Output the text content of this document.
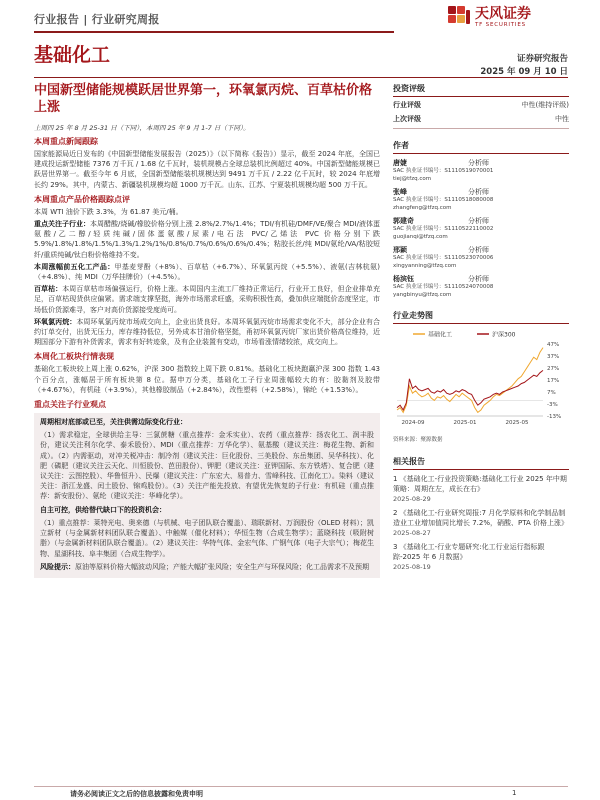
行业报告 | 行业研究周报	天风证券
TF SECURITIES
基础化工	证券研究报告
2025 年 09 月 10 日
中国新型储能规模跃居世界第一，环氧氯丙烷、百草枯价格上涨
上周四 25 年 8 月 25-31 日（下同），本周四 25 年 9 月 1-7 日（下同）。
本周重点新闻跟踪
国家能源局近日发布的《中国新型储能发展报告（2025）》（以下简称《报告》）显示，截至 2024 年底，全国已建成投运新型储能 7376 万千瓦 / 1.68 亿千瓦时，装机规模占全球总装机比例超过 40%。中国新型储能规模已跃居世界第一。截至今年 6 月底，全国新型储能装机规模达到 9491 万千瓦 / 2.22 亿千瓦时，较 2024 年底增长约 29%。其中，内蒙古、新疆装机规模均超 1000 万千瓦。山东、江苏、宁夏装机规模均超 500 万千瓦。
本周重点产品价格跟踪点评
本周 WTI 油价下跌 3.3%，为 61.87 美元/桶。
重点关注子行业：本周醋酸/烧碱/橡胶价格分别上涨 2.8%/2.7%/1.4%；TDI/有机硅/DMF/VE/聚合 MDI/液体蛋氨酸/乙二醇/轻质纯碱/固体蛋氨酸/尿素/电石法 PVC/乙烯法 PVC 价格分别下跌 5.9%/1.8%/1.8%/1.5%/1.3%/1.2%/1%/0.8%/0.7%/0.6%/0.6%/0.4%；粘胶长丝/纯 MDI/氨纶/VA/粘胶短纤/重质纯碱/钛白粉价格维持不变。
本周涨幅前五化工产品：甲基麦芽酚（+8%）、百草枯（+6.7%）、环氧氯丙烷（+5.5%）、液氨(吉林杭氨)（+4.8%）、纯 MDI（万华挂牌价）（+4.5%）。
百草枯：本周百草枯市场偏强运行，价格上涨。本周国内主流工厂维持正常运行，行业开工良好，但企业排单充足，百草枯现货供应偏紧。需求端支撑坚挺，海外市场需求旺盛，采购积极性高，叠加供应端挺价态度坚定，市场低价货源难寻，客户对高价货源接受度尚可。
环氧氯丙烷：本周环氧氯丙烷市场成交向上，企业出货良好。本周环氧氯丙烷市场需求变化不大，部分企业有合约订单交付，出货无压力，库存维持低位，另外成本甘油价格坚挺，甬初环氧氯丙烷厂家出货价格高位维持，近期国部分下游有补货需求，需求有好转迹象，及有企业装置有变动，市场看涨情绪较浓，成交向上。
本周化工板块行情表现
基础化工板块较上周上涨 0.62%，沪深 300 指数较上周下跌 0.81%。基础化工板块跑赢沪深 300 指数 1.43 个百分点，涨幅居于所有板块第 8 位。据申万分类，基础化工子行业周涨幅较大的有：胶黏剂及胶带（+4.67%），有机硅（+3.9%），其他橡胶制品（+2.84%），改性塑料（+2.58%），锦纶（+1.53%）。
重点关注子行业观点
周期相对底部或已至，关注供需边际变化行业：
（1）需求稳定，全球供给主导：三氯蔗糖（重点推荐：金禾实业）、农药（重点推荐：扬农化工、润丰股份，建议关注利尔化学、泰禾股份）、MDI（重点推荐：万华化学）、氨基酸（建议关注：梅花生物、新和成）。（2）内需驱动，对冲关税冲击：制冷剂（建议关注：巨化股份、三美股份、东岳集团、吴华科技）、化肥（磷肥（建议关注云天化、川恒股份、芭田股份）、钾肥（建议关注：亚钾国际、东方铁塔）、复合肥（建议关注：云图控股）、华鲁恒升）、民爆（建议关注：广东宏大、易普力、雪峰科技、江南化工）。染料（建议关注：浙江龙盛、闰土股份、锦鸡股份）。（3）关注产能先投放、有望优先恢复的子行业：有机硅（重点推荐：新安股份）、氨纶（建议关注：华峰化学）。
自主可控，供给替代缺口下的投资机会：
（1）重点推荐：莱特光电、奥来德（与机械、电子团队联合覆盖）、瑞联新材、万润股份（OLED 材料）；凯立新材（与金属新材料团队联合覆盖）、中触媒（催化材料）；华恒生物（合成生物学）；蓝晓科技（吸附树脂）（与金属新材料团队联合覆盖）。（2）建议关注：华特气体、金宏气体、广钢气体（电子大宗气）；梅花生物、星湖科技、阜丰集团（合成生物学）。
风险提示：原油等原料价格大幅波动风险；产能大幅扩张风险；安全生产与环保风险；化工品需求不及预期
投资评级
行业评级	中性(维持评级)
上次评级	中性
作者
唐婕	分析师
SAC 执业证书编号：S1110519070001
tiej@tfzq.com
张峰	分析师
SAC 执业证书编号：S1110518080008
zhangfeng@tfzq.com
郭建奇	分析师
SAC 执业证书编号：S1110522110002
guojianqi@tfzq.com
邢颖	分析师
SAC 执业证书编号：S1110523070006
xingyanning@tfzq.com
杨滨钰	分析师
SAC 执业证书编号：S1110524070008
yangbinyu@tfzq.com
行业走势图
基础化工	沪深300
47%
37%
27%
17%
7%
-3%
-13%
2024-09	2025-01	2025-05
资料来源：聚源数据
相关报告
1 《基础化工-行业投资策略:基础化工行业 2025 年中期策略：周期在左，成长在右》
2025-08-29
2 《基础化工-行业研究周报:7 月化学原料和化学制品制造业工业增加值同比增长 7.2%，硝酸、PTA 价格上涨》
2025-08-27
3 《基础化工-行业专题研究:化工行业运行指标跟踪-2025 年 6 月数据》
2025-08-19
请务必阅读正文之后的信息披露和免责申明	1
